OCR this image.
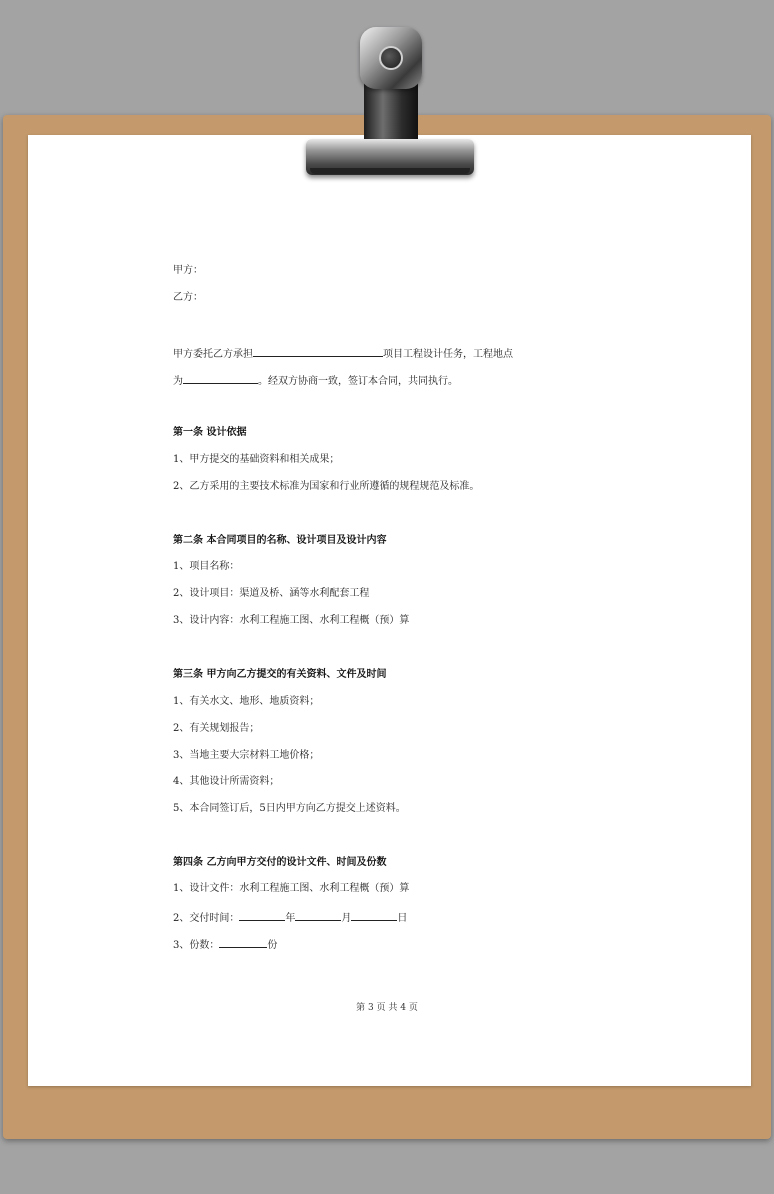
甲方：
乙方：
甲方委托乙方承担	项目工程设计任务，工程地点
为	。经双方协商一致，签订本合同，共同执行。
第一条 设计依据
1、甲方提交的基础资料和相关成果；
2、乙方采用的主要技术标准为国家和行业所遵循的规程规范及标准。
第二条 本合同项目的名称、设计项目及设计内容
1、项目名称：
2、设计项目：渠道及桥、涵等水利配套工程
3、设计内容：水利工程施工图、水利工程概（预）算
第三条 甲方向乙方提交的有关资料、文件及时间
1、有关水文、地形、地质资料；
2、有关规划报告；
3、当地主要大宗材料工地价格；
4、其他设计所需资料；
5、本合同签订后，5日内甲方向乙方提交上述资料。
第四条 乙方向甲方交付的设计文件、时间及份数
1、设计文件：水利工程施工图、水利工程概（预）算
2、交付时间：	年	月	日
3、份数：	份
第 3 页 共 4 页
